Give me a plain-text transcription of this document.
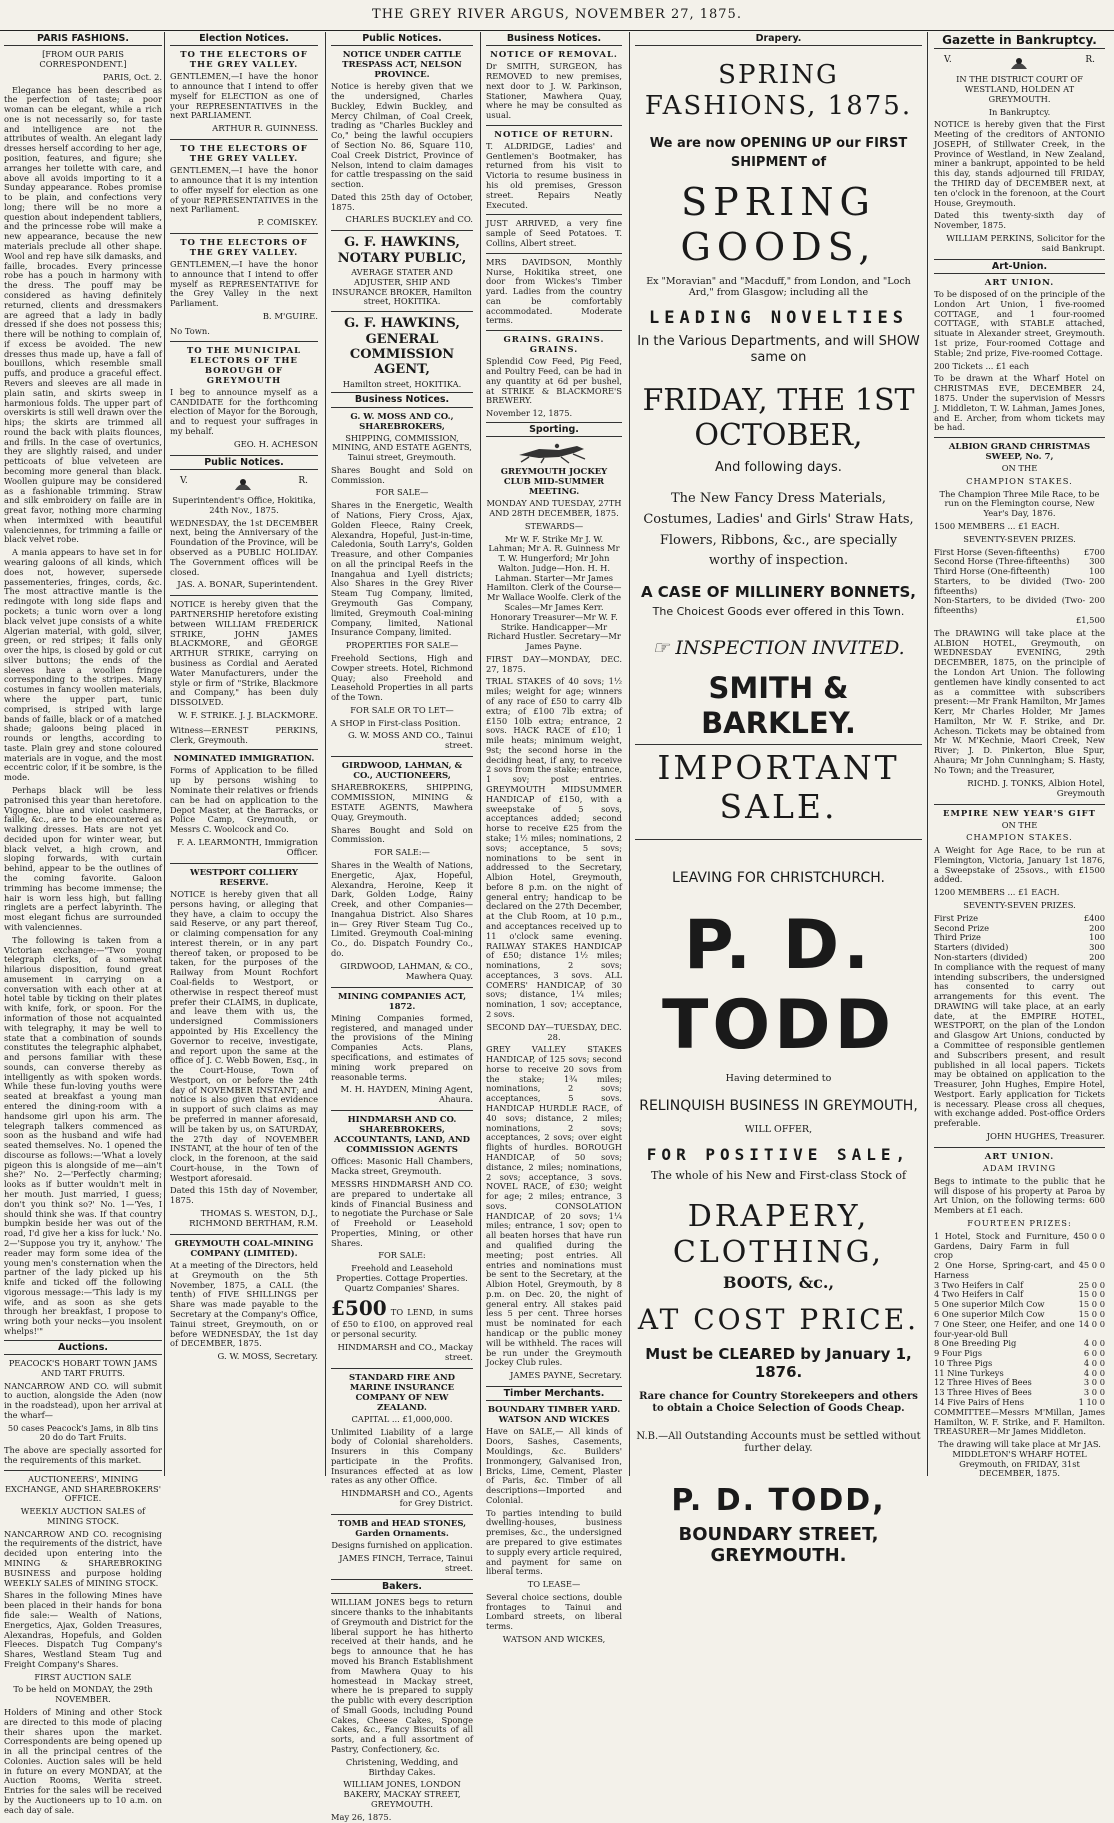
THE GREY RIVER ARGUS, NOVEMBER 27, 1875.
PARIS FASHIONS.

[FROM OUR PARIS CORRESPONDENT.]

PARIS, Oct. 2.

Elegance has been described as the perfection of taste; a poor woman can be elegant, while a rich one is not necessarily so, for taste and intelligence are not the attributes of wealth. An elegant lady dresses herself according to her age, position, features, and figure; she arranges her toilette with care, and above all avoids importing to it a Sunday appearance. Robes promise to be plain, and confections very long; there will be no more a question about independent tabliers, and the princesse robe will make a new appearance, because the new materials preclude all other shape. Wool and rep have silk damasks, and faille, brocades. Every princesse robe has a pouch in harmony with the dress. The pouff may be considered as having definitely returned, clients and dressmakers are agreed that a lady in badly dressed if she does not possess this; there will be nothing to complain of, if excess be avoided. The new dresses thus made up, have a fall of bouillons, which resemble small puffs, and produce a graceful effect. Revers and sleeves are all made in plain satin, and skirts sweep in harmonious folds. The upper part of overskirts is still well drawn over the hips; the skirts are trimmed all round the back with plaits flounces, and frills. In the case of overtunics, they are slightly raised, and under petticoats of blue velveteen are becoming more general than black. Woollen guipure may be considered as a fashionable trimming. Straw and silk embroidery on faille are in great favor, nothing more charming when intermixed with beautiful valenciennes, for trimming a faille or black velvet robe.

A mania appears to have set in for wearing galoons of all kinds, which does not, however, supersede passementeries, fringes, cords, &c. The most attractive mantle is the redingote with long side flaps and pockets; a tunic worn over a long black velvet jupe consists of a white Algerian material, with gold, silver, green, or red stripes; it falls only over the hips, is closed by gold or cut silver buttons; the ends of the sleeves have a woollen fringe corresponding to the stripes. Many costumes in fancy woollen materials, where the upper part, tunic comprised, is striped with large bands of faille, black or of a matched shade; galoons being placed in rounds or lengths, according to taste. Plain grey and stone coloured materials are in vogue, and the most eccentric color, if it be sombre, is the mode.

Perhaps black will be less patronised this year than heretofore. Vigogne, blue and violet cashmere, faille, &c., are to be encountered as walking dresses. Hats are not yet decided upon for winter wear, but black velvet, a high crown, and sloping forwards, with curtain behind, appear to be the outlines of the coming favorite. Galoon trimming has become immense; the hair is worn less high, but falling ringlets are a perfect labyrinth. The most elegant fichus are surrounded with valenciennes.

The following is taken from a Victorian exchange:—"Two young telegraph clerks, of a somewhat hilarious disposition, found great amusement in carrying on a conversation with each other at at hotel table by ticking on their plates with knife, fork, or spoon. For the information of those not acquainted with telegraphy, it may be well to state that a combination of sounds constitutes the telegraphic alphabet, and persons familiar with these sounds, can converse thereby as intelligently as with spoken words. While these fun-loving youths were seated at breakfast a young man entered the dining-room with a handsome girl upon his arm. The telegraph talkers commenced as soon as the husband and wife had seated themselves. No. 1 opened the discourse as follows:—'What a lovely pigeon this is alongside of me—ain't she?' No. 2—'Perfectly charming; looks as if butter wouldn't melt in her mouth. Just married, I guess; don't you think so?' No. 1—'Yes, I should think she was. If that country bumpkin beside her was out of the road, I'd give her a kiss for luck.' No. 2—'Suppose you try it, anyhow.' The reader may form some idea of the young men's consternation when the partner of the lady picked up his knife and ticked off the following vigorous message:—'This lady is my wife, and as soon as she gets through her breakfast, I propose to wring both your necks—you insolent whelps!'"

Auctions.

PEACOCK'S HOBART TOWN JAMS AND TART FRUITS.

NANCARROW AND CO. will submit to auction, alongside the Aden (now in the roadstead), upon her arrival at the wharf—

50 cases Peacock's Jams, in 8lb tins 20 do do Tart Fruits.

The above are specially assorted for the requirements of this market.

AUCTIONEERS', MINING EXCHANGE, AND SHAREBROKERS' OFFICE.

WEEKLY AUCTION SALES of MINING STOCK.

NANCARROW AND CO. recognising the requirements of the district, have decided upon entering into the MINING & SHAREBROKING BUSINESS and purpose holding WEEKLY SALES of MINING STOCK.

Shares in the following Mines have been placed in their hands for bona fide sale:— Wealth of Nations, Energetics, Ajax, Golden Treasures, Alexandras, Hopefuls, and Golden Fleeces. Dispatch Tug Company's Shares, Westland Steam Tug and Freight Company's Shares.

FIRST AUCTION SALE

To be held on MONDAY, the 29th NOVEMBER.

Holders of Mining and other Stock are directed to this mode of placing their shares upon the market. Correspondents are being opened up in all the principal centres of the Colonies. Auction sales will be held in future on every MONDAY, at the Auction Rooms, Werita street. Entries for the sales will be received by the Auctioneers up to 10 a.m. on each day of sale.

Election Notices.

TO THE ELECTORS OF THE GREY VALLEY.

GENTLEMEN,—I have the honor to announce that I intend to offer myself for ELECTION as one of your REPRESENTATIVES in the next PARLIAMENT.

ARTHUR R. GUINNESS.

TO THE ELECTORS OF THE GREY VALLEY.

GENTLEMEN,—I have the honor to announce that it is my intention to offer myself for election as one of your REPRESENTATIVES in the next Parliament.

P. COMISKEY.

TO THE ELECTORS OF THE GREY VALLEY.

GENTLEMEN,—I have the honor to announce that I intend to offer myself as REPRESENTATIVE for the Grey Valley in the next Parliament.

B. M'GUIRE.

No Town.

TO THE MUNICIPAL ELECTORS OF THE BOROUGH OF GREYMOUTH

I beg to announce myself as a CANDIDATE for the forthcoming election of Mayor for the Borough, and to request your suffrages in my behalf.

GEO. H. ACHESON

Public Notices.
V.	R.

Superintendent's Office, Hokitika, 24th Nov., 1875.

WEDNESDAY, the 1st DECEMBER next, being the Anniversary of the Foundation of the Province, will be observed as a PUBLIC HOLIDAY. The Government offices will be closed.

JAS. A. BONAR, Superintendent.

NOTICE is hereby given that the PARTNERSHIP heretofore existing between WILLIAM FREDERICK STRIKE, JOHN JAMES BLACKMORE, and GEORGE ARTHUR STRIKE, carrying on business as Cordial and Aerated Water Manufacturers, under the style or firm of "Strike, Blackmore and Company," has been duly DISSOLVED.

W. F. STRIKE. J. J. BLACKMORE.

Witness—ERNEST PERKINS, Clerk, Greymouth.

NOMINATED IMMIGRATION.

Forms of Application to be filled up by persons wishing to Nominate their relatives or friends can be had on application to the Depot Master, at the Barracks, or Police Camp, Greymouth, or Messrs C. Woolcock and Co.

F. A. LEARMONTH, Immigration Officer.

WESTPORT COLLIERY RESERVE.

NOTICE is hereby given that all persons having, or alleging that they have, a claim to occupy the said Reserve, or any part thereof, or claiming compensation for any interest therein, or in any part thereof taken, or proposed to be taken, for the purposes of the Railway from Mount Rochfort Coal-fields to Westport, or otherwise in respect thereof must prefer their CLAIMS, in duplicate, and leave them with us, the undersigned Commissioners appointed by His Excellency the Governor to receive, investigate, and report upon the same at the office of J. C. Webb Bowen, Esq., in the Court-House, Town of Westport, on or before the 24th day of NOVEMBER INSTANT; and notice is also given that evidence in support of such claims as may be preferred in manner aforesaid, will be taken by us, on SATURDAY, the 27th day of NOVEMBER INSTANT, at the hour of ten of the clock, in the forenoon, at the said Court-house, in the Town of Westport aforesaid.

Dated this 15th day of November, 1875.

THOMAS S. WESTON, D.J., RICHMOND BERTHAM, R.M.

GREYMOUTH COAL-MINING COMPANY (LIMITED).

At a meeting of the Directors, held at Greymouth on the 5th November, 1875, a CALL (the tenth) of FIVE SHILLINGS per Share was made payable to the Secretary at the Company's Office, Tainui street, Greymouth, on or before WEDNESDAY, the 1st day of DECEMBER, 1875.

G. W. MOSS, Secretary.

Public Notices.

NOTICE UNDER CATTLE TRESPASS ACT, NELSON PROVINCE.

Notice is hereby given that we the undersigned, Charles Buckley, Edwin Buckley, and Mercy Chilman, of Coal Creek, trading as "Charles Buckley and Co," being the lawful occupiers of Section No. 86, Square 110, Coal Creek District, Province of Nelson, intend to claim damages for cattle trespassing on the said section.

Dated this 25th day of October, 1875.

CHARLES BUCKLEY and CO.

G. F. HAWKINS, NOTARY PUBLIC,

AVERAGE STATER AND ADJUSTER, SHIP AND INSURANCE BROKER, Hamilton street, HOKITIKA.

G. F. HAWKINS, GENERAL COMMISSION AGENT,

Hamilton street, HOKITIKA.

Business Notices.

G. W. MOSS AND CO., SHAREBROKERS,

SHIPPING, COMMISSION, MINING, AND ESTATE AGENTS, Tainui street, Greymouth.

Shares Bought and Sold on Commission.

FOR SALE—

Shares in the Energetic, Wealth of Nations, Fiery Cross, Ajax, Golden Fleece, Rainy Creek, Alexandra, Hopeful, Just-in-time, Caledonia, South Larry's, Golden Treasure, and other Companies on all the principal Reefs in the Inangahua and Lyell districts; Also Shares in the Grey River Steam Tug Company, limited, Greymouth Gas Company, limited, Greymouth Coal-mining Company, limited, National Insurance Company, limited.

PROPERTIES FOR SALE—

Freehold Sections, High and Cowper streets. Hotel, Richmond Quay; also Freehold and Leasehold Properties in all parts of the Town.

FOR SALE OR TO LET—

A SHOP in First-class Position.

G. W. MOSS AND CO., Tainui street.

GIRDWOOD, LAHMAN, & CO., AUCTIONEERS,

SHAREBROKERS, SHIPPING, COMMISSION, MINING & ESTATE AGENTS, Mawhera Quay, Greymouth.

Shares Bought and Sold on Commission.

FOR SALE:—

Shares in the Wealth of Nations, Energetic, Ajax, Hopeful, Alexandra, Heroine, Keep it Dark, Golden Lodge, Rainy Creek, and other Companies—Inangahua District. Also Shares in— Grey River Steam Tug Co., Limited. Greymouth Coal-mining Co., do. Dispatch Foundry Co., do.

GIRDWOOD, LAHMAN, & CO., Mawhera Quay.

MINING COMPANIES ACT, 1872.

Mining Companies formed, registered, and managed under the provisions of the Mining Companies Acts. Plans, specifications, and estimates of mining work prepared on reasonable terms.

M. H. HAYDEN, Mining Agent, Ahaura.

HINDMARSH AND CO. SHAREBROKERS, ACCOUNTANTS, LAND, AND COMMISSION AGENTS

Offices: Masonic Hall Chambers, Macka street, Greymouth.

MESSRS HINDMARSH AND CO. are prepared to undertake all kinds of Financial Business and to negotiate the Purchase or Sale of Freehold or Leasehold Properties, Mining, or other Shares.

FOR SALE:

Freehold and Leasehold Properties. Cottage Properties. Quartz Companies' Shares.

£500 TO LEND, in sums of £50 to £100, on approved real or personal security.

HINDMARSH and CO., Mackay street.

STANDARD FIRE AND MARINE INSURANCE COMPANY OF NEW ZEALAND.

CAPITAL ... £1,000,000.

Unlimited Liability of a large body of Colonial shareholders. Insurers in this Company participate in the Profits. Insurances effected at as low rates as any other Office.

HINDMARSH and CO., Agents for Grey District.

TOMB and HEAD STONES, Garden Ornaments.

Designs furnished on application.

JAMES FINCH, Terrace, Tainui street.

Bakers.

WILLIAM JONES begs to return sincere thanks to the inhabitants of Greymouth and District for the liberal support he has hitherto received at their hands, and he begs to announce that he has moved his Branch Establishment from Mawhera Quay to his homestead in Mackay street, where he is prepared to supply the public with every description of Small Goods, including Pound Cakes, Cheese Cakes, Sponge Cakes, &c., Fancy Biscuits of all sorts, and a full assortment of Pastry, Confectionery, &c.

Christening, Wedding, and Birthday Cakes.

WILLIAM JONES, LONDON BAKERY, MACKAY STREET, GREYMOUTH.

May 26, 1875.

Business Notices.

NOTICE OF REMOVAL.

Dr SMITH, SURGEON, has REMOVED to new premises, next door to J. W. Parkinson, Stationer, Mawhera Quay, where he may be consulted as usual.

NOTICE OF RETURN.

T. ALDRIDGE, Ladies' and Gentlemen's Bootmaker, has returned from his visit to Victoria to resume business in his old premises, Gresson street. Repairs Neatly Executed.

JUST ARRIVED, a very fine sample of Seed Potatoes. T. Collins, Albert street.

MRS DAVIDSON, Monthly Nurse, Hokitika street, one door from Wickes's Timber yard. Ladies from the country can be comfortably accommodated. Moderate terms.

GRAINS. GRAINS. GRAINS.

Splendid Cow Feed, Pig Feed, and Poultry Feed, can be had in any quantity at 6d per bushel, at STRIKE & BLACKMORE'S BREWERY.

November 12, 1875.

Sporting.

GREYMOUTH JOCKEY CLUB MID-SUMMER MEETING.

MONDAY AND TUESDAY, 27TH AND 28TH DECEMBER, 1875.

STEWARDS—

Mr W. F. Strike Mr J. W. Lahman; Mr A. R. Guinness Mr T. W. Hungerford; Mr John Walton. Judge—Hon. H. H. Lahman. Starter—Mr James Hamilton. Clerk of the Course—Mr Wallace Woolfe. Clerk of the Scales—Mr James Kerr. Honorary Treasurer—Mr W. F. Strike. Handicapper—Mr Richard Hustler. Secretary—Mr James Payne.

FIRST DAY—MONDAY, DEC. 27, 1875.

TRIAL STAKES of 40 sovs; 1½ miles; weight for age; winners of any race of £50 to carry 4lb extra; of £100 7lb extra; of £150 10lb extra; entrance, 2 sovs. HACK RACE of £10; 1 mile heats; minimum weight, 9st; the second horse in the deciding heat, if any, to receive 2 sovs from the stake; entrance, 1 sov; post entries. GREYMOUTH MIDSUMMER HANDICAP of £150, with a sweepstake of 5 sovs, acceptances added; second horse to receive £25 from the stake; 1½ miles; nominations, 2 sovs; acceptance, 5 sovs; nominations to be sent in addressed to the Secretary, Albion Hotel, Greymouth, before 8 p.m. on the night of general entry; handicap to be declared on the 27th December, at the Club Room, at 10 p.m., and acceptances received up to 11 o'clock same evening. RAILWAY STAKES HANDICAP of £50; distance 1½ miles; nominations, 2 sovs; acceptances, 3 sovs. ALL COMERS' HANDICAP, of 30 sovs; distance, 1¼ miles; nomination, 1 sov; acceptance, 2 sovs.

SECOND DAY—TUESDAY, DEC. 28.

GREY VALLEY STAKES HANDICAP, of 125 sovs; second horse to receive 20 sovs from the stake; 1¾ miles; nominations, 2 sovs; acceptances, 5 sovs. HANDICAP HURDLE RACE, of 40 sovs; distance, 2 miles; nominations, 2 sovs; acceptances, 2 sovs; over eight flights of hurdles. BOROUGH HANDICAP, of 50 sovs; distance, 2 miles; nominations, 2 sovs; acceptance, 3 sovs. NOVEL RACE, of £30; weight for age; 2 miles; entrance, 3 sovs. CONSOLATION HANDICAP, of 20 sovs; 1¼ miles; entrance, 1 sov; open to all beaten horses that have run and qualified during the meeting; post entries. All entries and nominations must be sent to the Secretary, at the Albion Hotel, Greymouth, by 8 p.m. on Dec. 20, the night of general entry. All stakes paid less 5 per cent. Three horses must be nominated for each handicap or the public money will be withheld. The races will be run under the Greymouth Jockey Club rules.

JAMES PAYNE, Secretary.

Timber Merchants.

BOUNDARY TIMBER YARD. WATSON AND WICKES

Have on SALE,— All kinds of Doors, Sashes, Casements, Mouldings, &c. Builders' Ironmongery, Galvanised Iron, Bricks, Lime, Cement, Plaster of Paris, &c. Timber of all descriptions—Imported and Colonial.

To parties intending to build dwelling-houses, business premises, &c., the undersigned are prepared to give estimates to supply every article required, and payment for same on liberal terms.

TO LEASE—

Several choice sections, double frontages to Tainui and Lombard streets, on liberal terms.

WATSON AND WICKES,

Drapery.
SPRING FASHIONS, 1875.
We are now OPENING UP our FIRST
SHIPMENT of
SPRING GOODS,
Ex "Moravian" and "Macduff," from London, and "Loch Ard," from Glasgow; including all the
LEADING NOVELTIES
In the Various Departments, and will SHOW same on
FRIDAY, THE 1ST OCTOBER,
And following days.
The New Fancy Dress Materials, Costumes, Ladies' and Girls' Straw Hats, Flowers, Ribbons, &c., are specially worthy of inspection.
A CASE OF MILLINERY BONNETS,
The Choicest Goods ever offered in this Town.
☞ INSPECTION INVITED.
SMITH & BARKLEY.
IMPORTANT SALE.
LEAVING FOR CHRISTCHURCH.
P. D. TODD
Having determined to
RELINQUISH BUSINESS IN GREYMOUTH,
WILL OFFER,
FOR POSITIVE SALE,
The whole of his New and First-class Stock of
DRAPERY, CLOTHING,
BOOTS, &c.,
AT COST PRICE.
Must be CLEARED by January 1, 1876.
Rare chance for Country Storekeepers and others to obtain a Choice Selection of Goods Cheap.
N.B.—All Outstanding Accounts must be settled without further delay.
P. D. TODD,
BOUNDARY STREET, GREYMOUTH.
Gazette in Bankruptcy.
V.	R.

IN THE DISTRICT COURT OF WESTLAND, HOLDEN AT GREYMOUTH.

In Bankruptcy.

NOTICE is hereby given that the First Meeting of the creditors of ANTONIO JOSEPH, of Stillwater Creek, in the Province of Westland, in New Zealand, miner a bankrupt, appointed to be held this day, stands adjourned till FRIDAY, the THIRD day of DECEMBER next, at ten o'clock in the forenoon, at the Court House, Greymouth.

Dated this twenty-sixth day of November, 1875.

WILLIAM PERKINS, Solicitor for the said Bankrupt.

Art-Union.

ART UNION.

To be disposed of on the principle of the London Art Union, 1 five-roomed COTTAGE, and 1 four-roomed COTTAGE, with STABLE attached, situate in Alexander street, Greymouth. 1st prize, Four-roomed Cottage and Stable; 2nd prize, Five-roomed Cottage.

200 Tickets ... £1 each

To be drawn at the Wharf Hotel on CHRISTMAS EVE, DECEMBER 24, 1875. Under the supervision of Messrs J. Middleton, T. W. Lahman, James Jones, and E. Archer, from whom tickets may be had.

ALBION GRAND CHRISTMAS SWEEP, No. 7,

ON THE

CHAMPION STAKES.

The Champion Three Mile Race, to be run on the Flemington course, New Year's Day, 1876.

1500 MEMBERS ... £1 EACH.

SEVENTY-SEVEN PRIZES.

First Horse (Seven-fifteenths)	£700
Second Horse (Three-fifteenths)	300
Third Horse (One-fifteenth)	100
Starters, to be divided (Two-fifteenths)
200
Non-Starters, to be divided (Two-fifteenths)
200

£1,500

The DRAWING will take place at the ALBION HOTEL, Greymouth, on WEDNESDAY EVENING, 29th DECEMBER, 1875, on the principle of the London Art Union. The following gentlemen have kindly consented to act as a committee with subscribers present:—Mr Frank Hamilton, Mr James Kerr, Mr Charles Holder, Mr James Hamilton, Mr W. F. Strike, and Dr. Acheson. Tickets may be obtained from Mr W. M'Kechnie, Maori Creek, New River; J. D. Pinkerton, Blue Spur, Ahaura; Mr John Cunningham; S. Hasty, No Town; and the Treasurer,

RICHD. J. TONKS, Albion Hotel, Greymouth

EMPIRE NEW YEAR'S GIFT

ON THE

CHAMPION STAKES.

A Weight for Age Race, to be run at Flemington, Victoria, January 1st 1876, a Sweepstake of 25sovs., with £1500 added.

1200 MEMBERS ... £1 EACH.

SEVENTY-SEVEN PRIZES.

First Prize	£400
Second Prize	200
Third Prize	100
Starters (divided)	300
Non-starters (divided)	200

In compliance with the request of many intending subscribers, the undersigned has consented to carry out arrangements for this event. The DRAWING will take place, at an early date, at the EMPIRE HOTEL, WESTPORT, on the plan of the London and Glasgow Art Unions, conducted by a Committee of responsible gentlemen and Subscribers present, and result published in all local papers. Tickets may be obtained on application to the Treasurer, John Hughes, Empire Hotel, Westport. Early application for Tickets is necessary. Please cross all cheques, with exchange added. Post-office Orders preferable.

JOHN HUGHES, Treasurer.

ART UNION.

ADAM IRVING

Begs to intimate to the public that he will dispose of his property at Paroa by Art Union, on the following terms: 600 Members at £1 each.

FOURTEEN PRIZES:

1 Hotel, Stock and Furniture, Gardens, Dairy Farm in full crop
450 0 0
2 One Horse, Spring-cart, and Harness
45 0 0
3 Two Heifers in Calf	25 0 0
4 Two Heifers in Calf	15 0 0
5 One superior Milch Cow	15 0 0
6 One superior Milch Cow	15 0 0
7 One Steer, one Heifer, and one four-year-old Bull
14 0 0
8 One Breeding Pig	4 0 0
9 Four Pigs	6 0 0
10 Three Pigs	4 0 0
11 Nine Turkeys	4 0 0
12 Three Hives of Bees	3 0 0
13 Three Hives of Bees	3 0 0
14 Five Pairs of Hens	1 10 0

COMMITTEE—Messrs M'Millan, James Hamilton, W. F. Strike, and F. Hamilton. TREASURER—Mr James Middleton.

The drawing will take place at Mr JAS. MIDDLETON'S WHARF HOTEL Greymouth, on FRIDAY, 31st DECEMBER, 1875.
